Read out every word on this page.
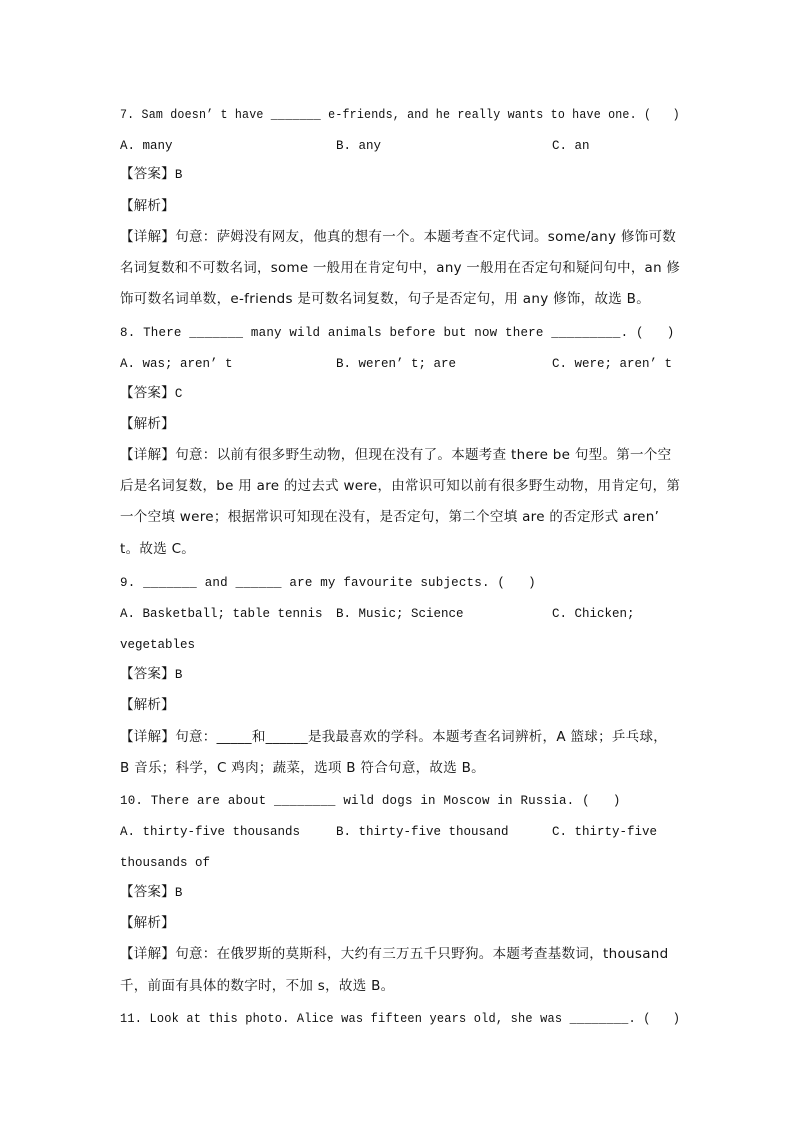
7. Sam doesn’ t have _______ e-friends, and he really wants to have one. (   )
A. many	B. any	C. an
【答案】B
【解析】
【详解】句意：萨姆没有网友，他真的想有一个。本题考查不定代词。some/any 修饰可数
名词复数和不可数名词，some 一般用在肯定句中，any 一般用在否定句和疑问句中，an 修
饰可数名词单数，e-friends 是可数名词复数，句子是否定句，用 any 修饰，故选 B。
8. There _______ many wild animals before but now there _________. (   )
A. was; aren’ t	B. weren’ t; are	C. were; aren’ t
【答案】C
【解析】
【详解】句意：以前有很多野生动物，但现在没有了。本题考查 there be 句型。第一个空
后是名词复数，be 用 are 的过去式 were，由常识可知以前有很多野生动物，用肯定句，第
一个空填 were；根据常识可知现在没有，是否定句，第二个空填 are 的否定形式 aren’
t。故选 C。
9. _______ and ______ are my favourite subjects. (   )
A. Basketball; table tennis B. Music; Science	C. Chicken;
vegetables
【答案】B
【解析】
【详解】句意：_____和______是我最喜欢的学科。本题考查名词辨析，A 篮球；乒乓球，
B 音乐；科学，C 鸡肉；蔬菜，选项 B 符合句意，故选 B。
10. There are about ________ wild dogs in Moscow in Russia. (   )
A. thirty-five thousands	B. thirty-five thousand	C. thirty-five
thousands of
【答案】B
【解析】
【详解】句意：在俄罗斯的莫斯科，大约有三万五千只野狗。本题考查基数词，thousand
千，前面有具体的数字时，不加 s，故选 B。
11. Look at this photo. Alice was fifteen years old, she was ________. (   )
